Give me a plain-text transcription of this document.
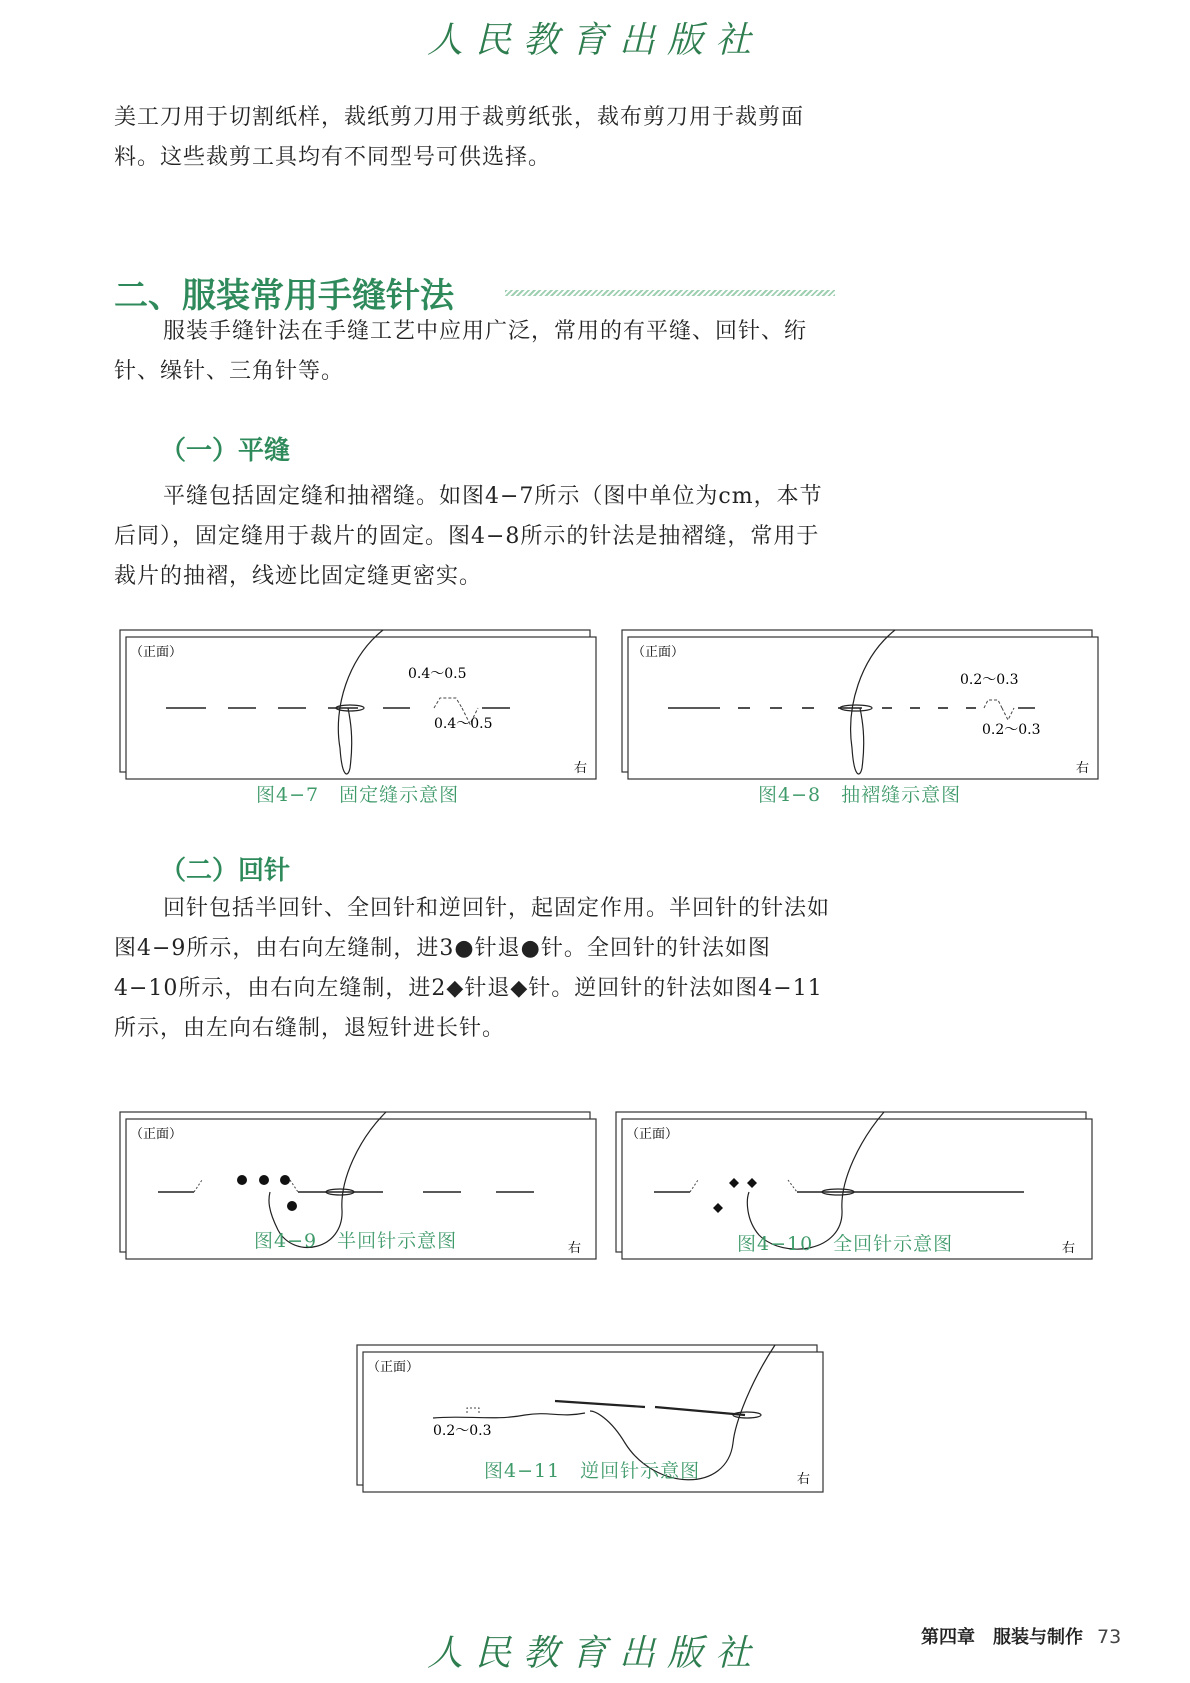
人民教育出版社

美工刀用于切割纸样，裁纸剪刀用于裁剪纸张，裁布剪刀用于裁剪面料。这些裁剪工具均有不同型号可供选择。

二、服装常用手缝针法

服装手缝针法在手缝工艺中应用广泛，常用的有平缝、回针、绗针、缲针、三角针等。

（一）平缝

平缝包括固定缝和抽褶缝。如图4−7所示（图中单位为cm，本节后同），固定缝用于裁片的固定。图4−8所示的针法是抽褶缝，常用于裁片的抽褶，线迹比固定缝更密实。

（正面）
右
0.4～0.5
0.4～0.5
图4−7　固定缝示意图
（正面）
右
0.2～0.3
0.2～0.3
图4−8　抽褶缝示意图
（二）回针

回针包括半回针、全回针和逆回针，起固定作用。半回针的针法如图4−9所示，由右向左缝制，进3●针退●针。全回针的针法如图4−10所示，由右向左缝制，进2◆针退◆针。逆回针的针法如图4−11所示，由左向右缝制，退短针进长针。

（正面）
右
图4−9　半回针示意图
（正面）
右
图4−10　全回针示意图
（正面）
右
0.2～0.3
图4−11　逆回针示意图
第四章　服装与制作 73
人民教育出版社
